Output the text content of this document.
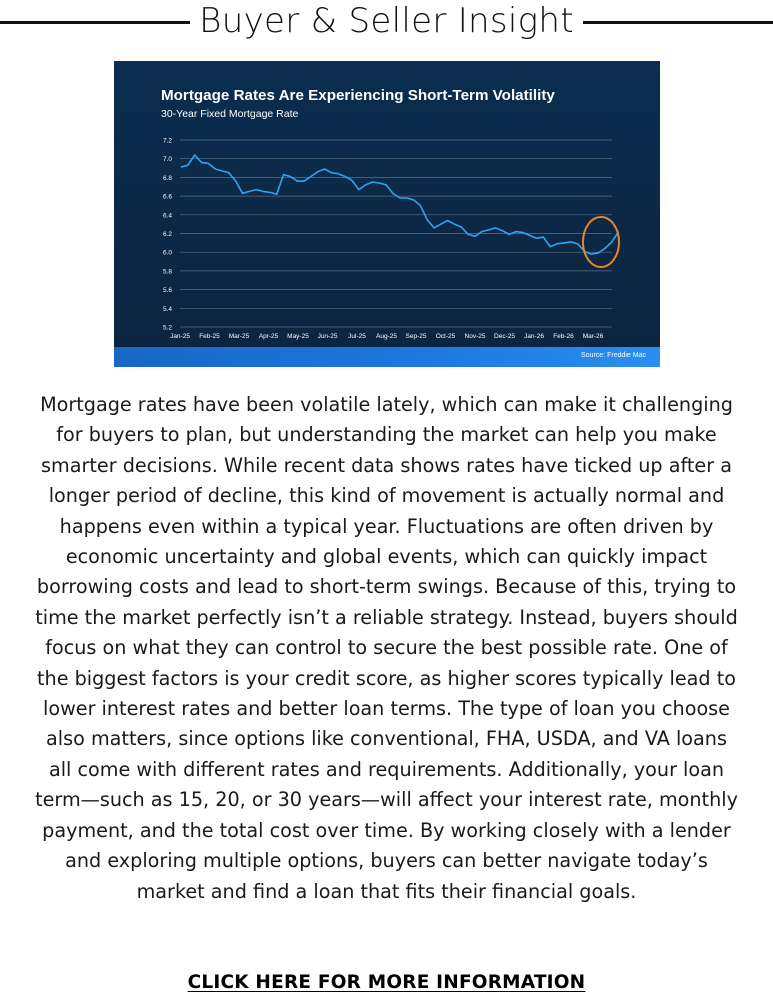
Buyer & Seller Insight
Mortgage Rates Are Experiencing Short-Term Volatility
30-Year Fixed Mortgage Rate
7.2
7.0
6.8
6.6
6.4
6.2
6.0
5.8
5.6
5.4
5.2
Jan-25 Feb-25 Mar-25 Apr-25 May-25 Jun-25 Jul-25 Aug-25 Sep-25 Oct-25 Nov-25 Dec-25 Jan-26 Feb-26 Mar-26
Source: Freddie Mac
Mortgage rates have been volatile lately, which can make it challenging for buyers to plan, but understanding the market can help you make smarter decisions. While recent data shows rates have ticked up after a longer period of decline, this kind of movement is actually normal and happens even within a typical year. Fluctuations are often driven by economic uncertainty and global events, which can quickly impact borrowing costs and lead to short-term swings. Because of this, trying to time the market perfectly isn’t a reliable strategy. Instead, buyers should focus on what they can control to secure the best possible rate. One of the biggest factors is your credit score, as higher scores typically lead to lower interest rates and better loan terms. The type of loan you choose also matters, since options like conventional, FHA, USDA, and VA loans all come with different rates and requirements. Additionally, your loan term—such as 15, 20, or 30 years—will affect your interest rate, monthly payment, and the total cost over time. By working closely with a lender and exploring multiple options, buyers can better navigate today’s market and find a loan that fits their financial goals.
CLICK HERE FOR MORE INFORMATION
